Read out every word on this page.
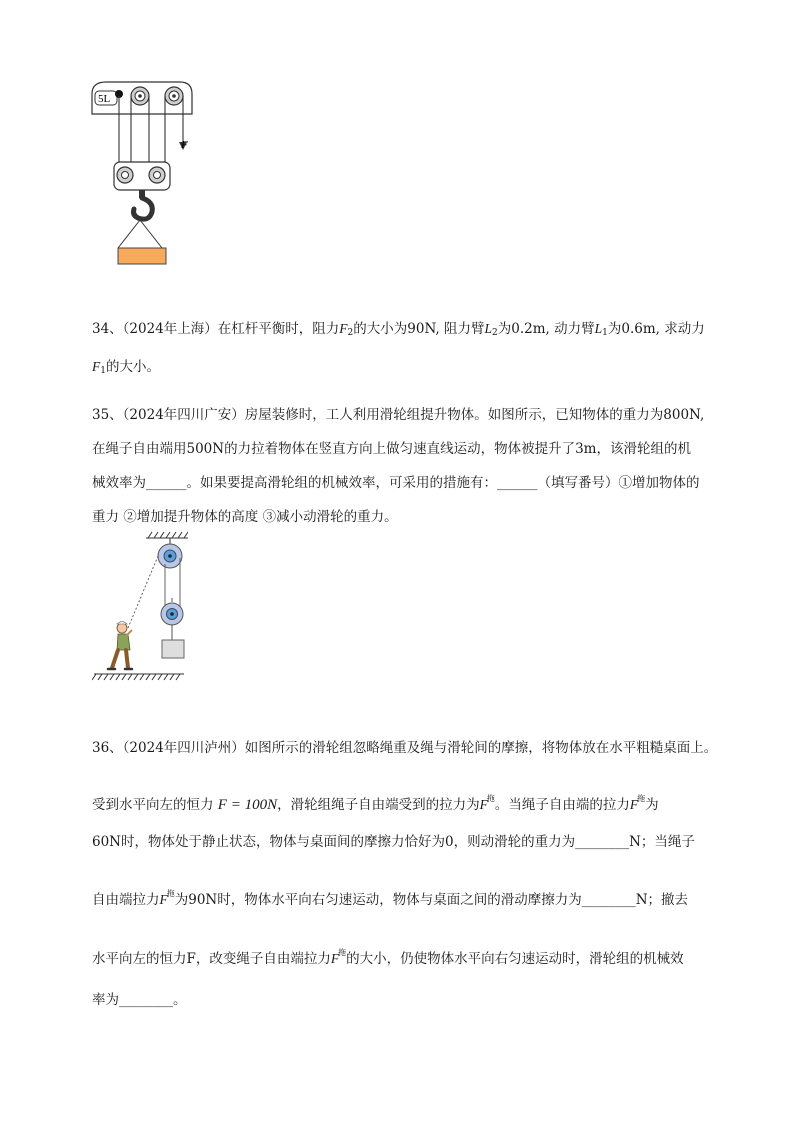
5L
F

34、（2024年上海）在杠杆平衡时，阻力$F_2$的大小为90N, 阻力臂$L_2$为0.2m, 动力臂$L_1$为0.6m, 求动力
$F_1$的大小。

35、（2024年四川广安）房屋装修时，工人利用滑轮组提升物体。如图所示，已知物体的重力为800N,

在绳子自由端用500N的力拉着物体在竖直方向上做匀速直线运动，物体被提升了3m，该滑轮组的机

械效率为______。如果要提高滑轮组的机械效率，可采用的措施有：______（填写番号）①增加物体的

重力 ②增加提升物体的高度 ③减小动滑轮的重力。

36、（2024年四川泸州）如图所示的滑轮组忽略绳重及绳与滑轮间的摩擦，将物体放在水平粗糙桌面上。

受到水平向左的恒力 F = 100N，滑轮组绳子自由端受到的拉力为$F^拖$。当绳子自由端的拉力$F^拖$为

60N时，物体处于静止状态，物体与桌面间的摩擦力恰好为0，则动滑轮的重力为________N；当绳子

自由端拉力$F^拖$为90N时，物体水平向右匀速运动，物体与桌面之间的滑动摩擦力为________N；撤去

水平向左的恒力F，改变绳子自由端拉力$F^拖$的大小，仍使物体水平向右匀速运动时，滑轮组的机械效

率为________。
